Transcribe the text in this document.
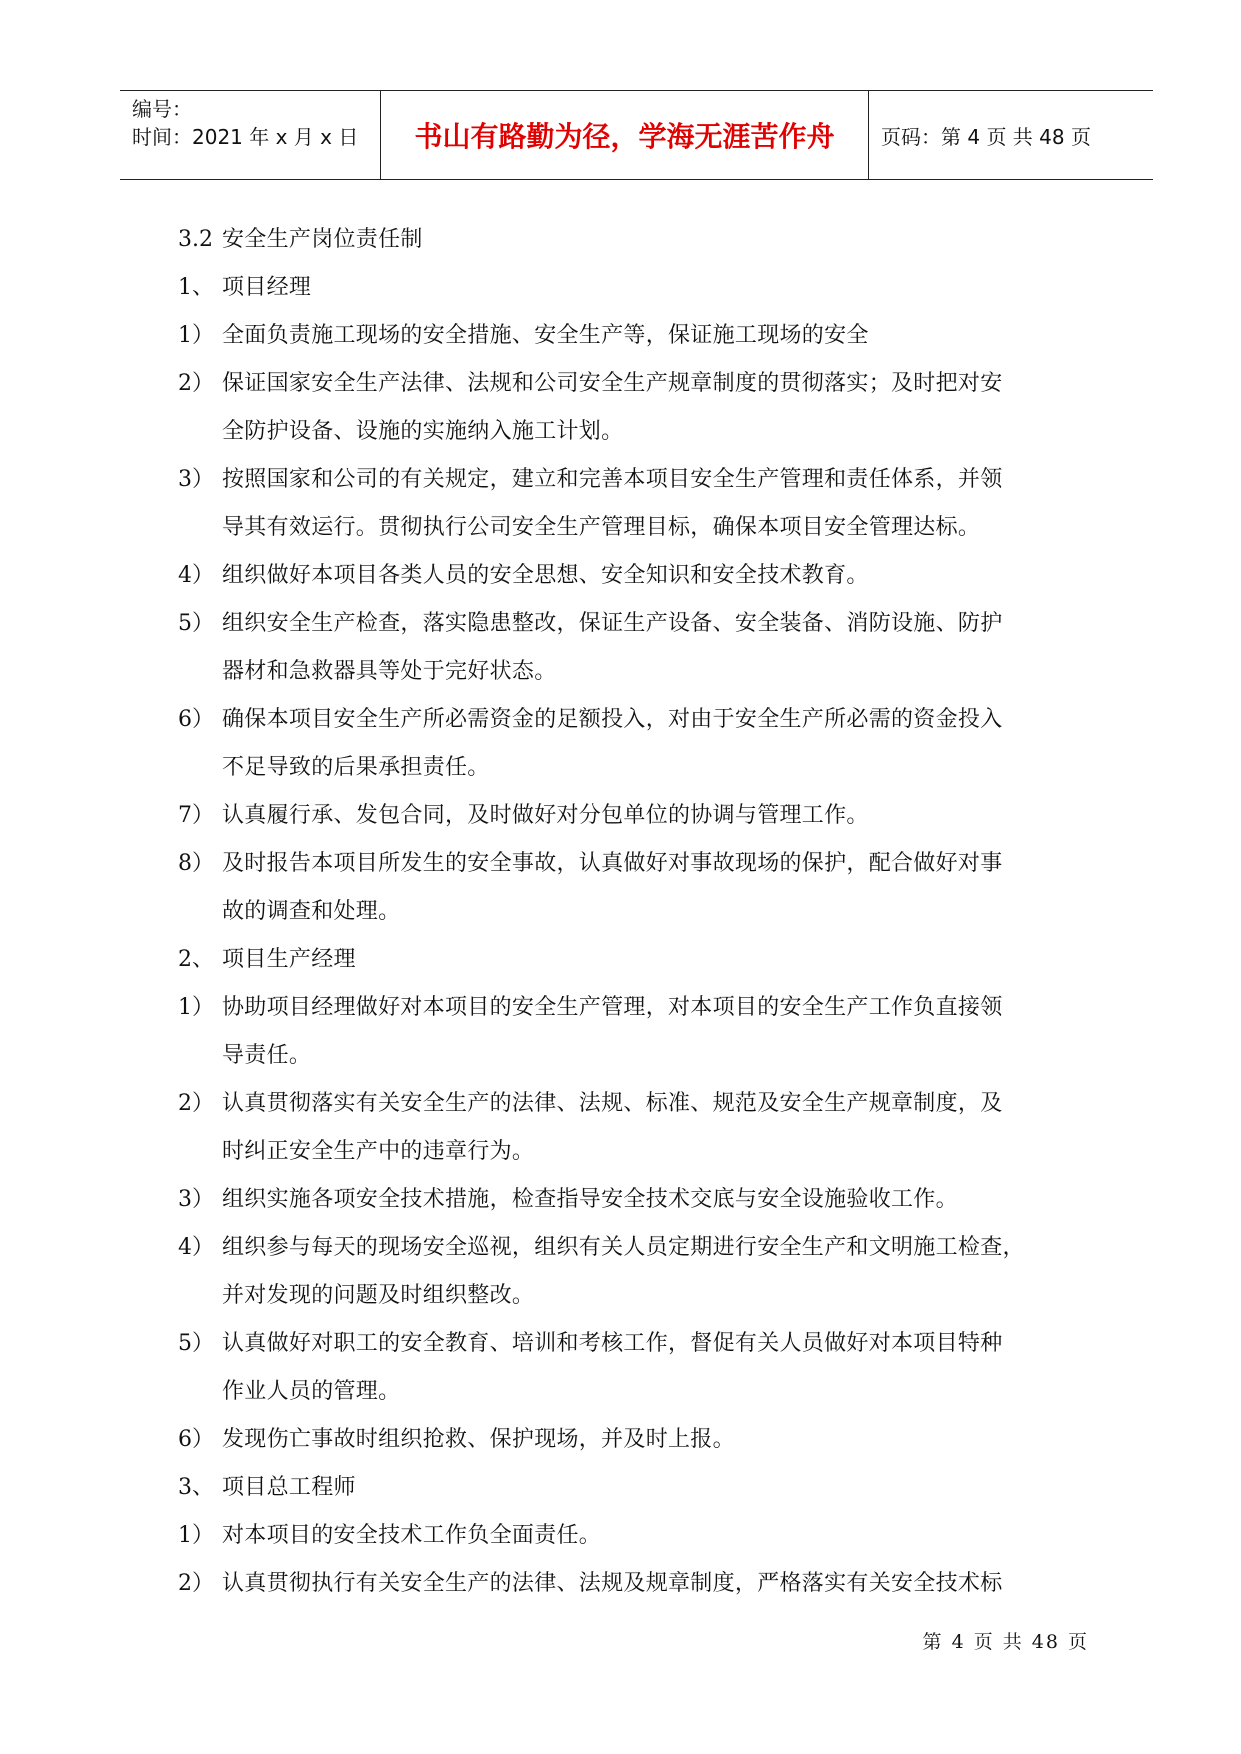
编号：
时间：2021 年 x 月 x 日	书山有路勤为径，学海无涯苦作舟	页码：第 4 页 共 48 页
3.2 安全生产岗位责任制
1、 项目经理
1） 全面负责施工现场的安全措施、安全生产等，保证施工现场的安全
2） 保证国家安全生产法律、法规和公司安全生产规章制度的贯彻落实；及时把对安
全防护设备、设施的实施纳入施工计划。
3） 按照国家和公司的有关规定，建立和完善本项目安全生产管理和责任体系，并领
导其有效运行。贯彻执行公司安全生产管理目标，确保本项目安全管理达标。
4） 组织做好本项目各类人员的安全思想、安全知识和安全技术教育。
5） 组织安全生产检查，落实隐患整改，保证生产设备、安全装备、消防设施、防护
器材和急救器具等处于完好状态。
6） 确保本项目安全生产所必需资金的足额投入，对由于安全生产所必需的资金投入
不足导致的后果承担责任。
7） 认真履行承、发包合同，及时做好对分包单位的协调与管理工作。
8） 及时报告本项目所发生的安全事故，认真做好对事故现场的保护，配合做好对事
故的调查和处理。
2、 项目生产经理
1） 协助项目经理做好对本项目的安全生产管理，对本项目的安全生产工作负直接领
导责任。
2） 认真贯彻落实有关安全生产的法律、法规、标准、规范及安全生产规章制度，及
时纠正安全生产中的违章行为。
3） 组织实施各项安全技术措施，检查指导安全技术交底与安全设施验收工作。
4） 组织参与每天的现场安全巡视，组织有关人员定期进行安全生产和文明施工检查，
并对发现的问题及时组织整改。
5） 认真做好对职工的安全教育、培训和考核工作，督促有关人员做好对本项目特种
作业人员的管理。
6） 发现伤亡事故时组织抢救、保护现场，并及时上报。
3、 项目总工程师
1） 对本项目的安全技术工作负全面责任。
2） 认真贯彻执行有关安全生产的法律、法规及规章制度，严格落实有关安全技术标
第 4 页 共 48 页
